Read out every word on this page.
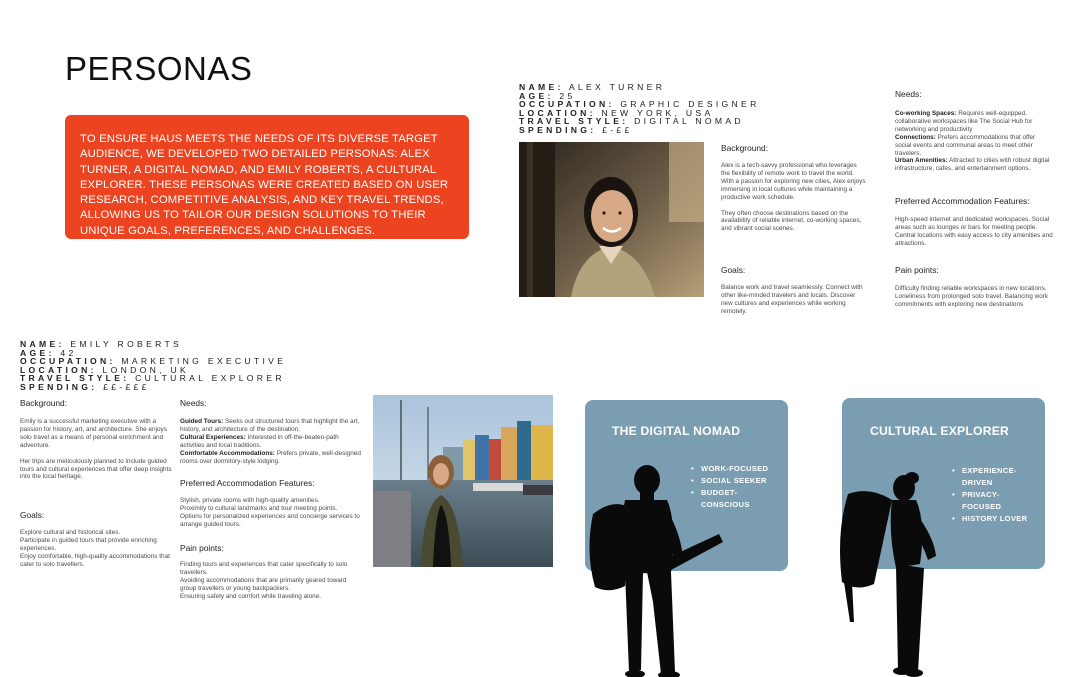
PERSONAS

TO ENSURE HAUS MEETS THE NEEDS OF ITS DIVERSE TARGET AUDIENCE, WE DEVELOPED TWO DETAILED PERSONAS: ALEX TURNER, A DIGITAL NOMAD, AND EMILY ROBERTS, A CULTURAL EXPLORER. THESE PERSONAS WERE CREATED BASED ON USER RESEARCH, COMPETITIVE ANALYSIS, AND KEY TRAVEL TRENDS, ALLOWING US TO TAILOR OUR DESIGN SOLUTIONS TO THEIR UNIQUE GOALS, PREFERENCES, AND CHALLENGES.

NAME: ALEX TURNER
AGE: 25
OCCUPATION: GRAPHIC DESIGNER
LOCATION: NEW YORK, USA
TRAVEL STYLE: DIGITAL NOMAD
SPENDING: £-££
Background:
Alex is a tech-savvy professional who leverages the flexibility of remote work to travel the world. With a passion for exploring new cities, Alex enjoys immersing in local cultures while maintaining a productive work schedule.
They often choose destinations based on the availability of reliable internet, co-working spaces, and vibrant social scenes.
Goals:
Balance work and travel seamlessly. Connect with other like-minded travelers and locals. Discover new cultures and experiences while working remotely.
Needs:
Co-working Spaces: Requires well-equipped, collaborative workspaces like The Social Hub for networking and productivity
Connections: Prefers accommodations that offer social events and communal areas to meet other travelers.
Urban Amenities: Attracted to cities with robust digital infrastructure, cafes, and entertainment options.
Preferred Accommodation Features:
High-speed internet and dedicated workspaces. Social areas such as lounges or bars for meeting people. Central locations with easy access to city amenities and attractions.
Pain points:
Difficulty finding reliable workspaces in new locations. Loneliness from prolonged solo travel. Balancing work commitments with exploring new destinations
NAME: EMILY ROBERTS
AGE: 42
OCCUPATION: MARKETING EXECUTIVE
LOCATION: LONDON, UK
TRAVEL STYLE: CULTURAL EXPLORER
SPENDING: ££-£££
Background:
Emily is a successful marketing executive with a passion for history, art, and architecture. She enjoys solo travel as a means of personal enrichment and adventure.
Her trips are meticulously planned to include guided tours and cultural experiences that offer deep insights into the local heritage.
Goals:
Explore cultural and historical sites.
Participate in guided tours that provide enriching experiences.
Enjoy comfortable, high-quality accommodations that cater to solo travellers.
Needs:
Guided Tours: Seeks out structured tours that highlight the art, history, and architecture of the destination.
Cultural Experiences: Interested in off-the-beaten-path activities and local traditions.
Comfortable Accommodations: Prefers private, well-designed rooms over dormitory-style lodging.
Preferred Accommodation Features:
Stylish, private rooms with high-quality amenities.
Proximity to cultural landmarks and tour meeting points.
Options for personalized experiences and concierge services to arrange guided tours.
Pain points:
Finding tours and experiences that cater specifically to solo travellers.
Avoiding accommodations that are primarily geared toward group travellers or young backpackers.
Ensuring safety and comfort while traveling alone.
THE DIGITAL NOMAD
• WORK-FOCUSED
• SOCIAL SEEKER
• BUDGET-CONSCIOUS
CULTURAL EXPLORER
• EXPERIENCE-DRIVEN
• PRIVACY-FOCUSED
• HISTORY LOVER
